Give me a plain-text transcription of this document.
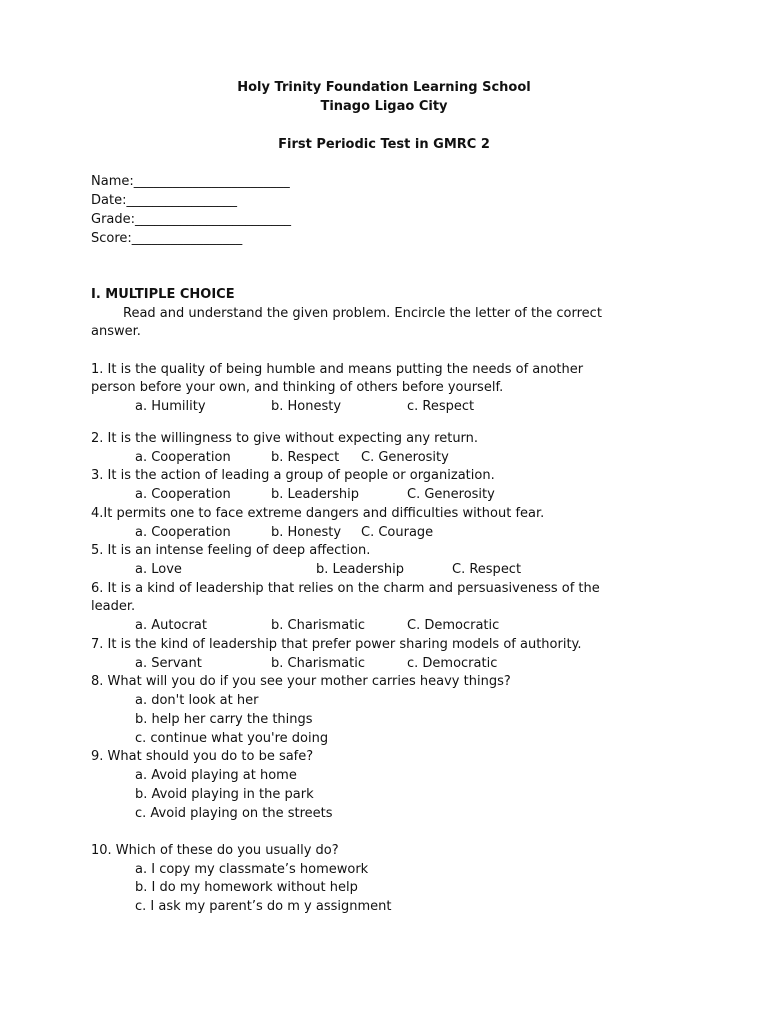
Holy Trinity Foundation Learning School
Tinago Ligao City
First Periodic Test in GMRC 2
Name:________________________
Date:_________________
Grade:________________________
Score:_________________
I. MULTIPLE CHOICE
Read and understand the given problem. Encircle the letter of the correct
answer.
1. It is the quality of being humble and means putting the needs of another
person before your own, and thinking of others before yourself.
a. Humility	b. Honesty	c. Respect
2. It is the willingness to give without expecting any return.
a. Cooperation	b. Respect C. Generosity
3. It is the action of leading a group of people or organization.
a. Cooperation	b. Leadership	C. Generosity
4.It permits one to face extreme dangers and difficulties without fear.
a. Cooperation	b. Honesty C. Courage
5. It is an intense feeling of deep affection.
a. Love	b. Leadership	C. Respect
6. It is a kind of leadership that relies on the charm and persuasiveness of the
leader.
a. Autocrat	b. Charismatic	C. Democratic
7. It is the kind of leadership that prefer power sharing models of authority.
a. Servant	b. Charismatic	c. Democratic
8. What will you do if you see your mother carries heavy things?
a. don't look at her
b. help her carry the things
c. continue what you're doing
9. What should you do to be safe?
a. Avoid playing at home
b. Avoid playing in the park
c. Avoid playing on the streets
10. Which of these do you usually do?
a. I copy my classmate’s homework
b. I do my homework without help
c. I ask my parent’s do m y assignment
